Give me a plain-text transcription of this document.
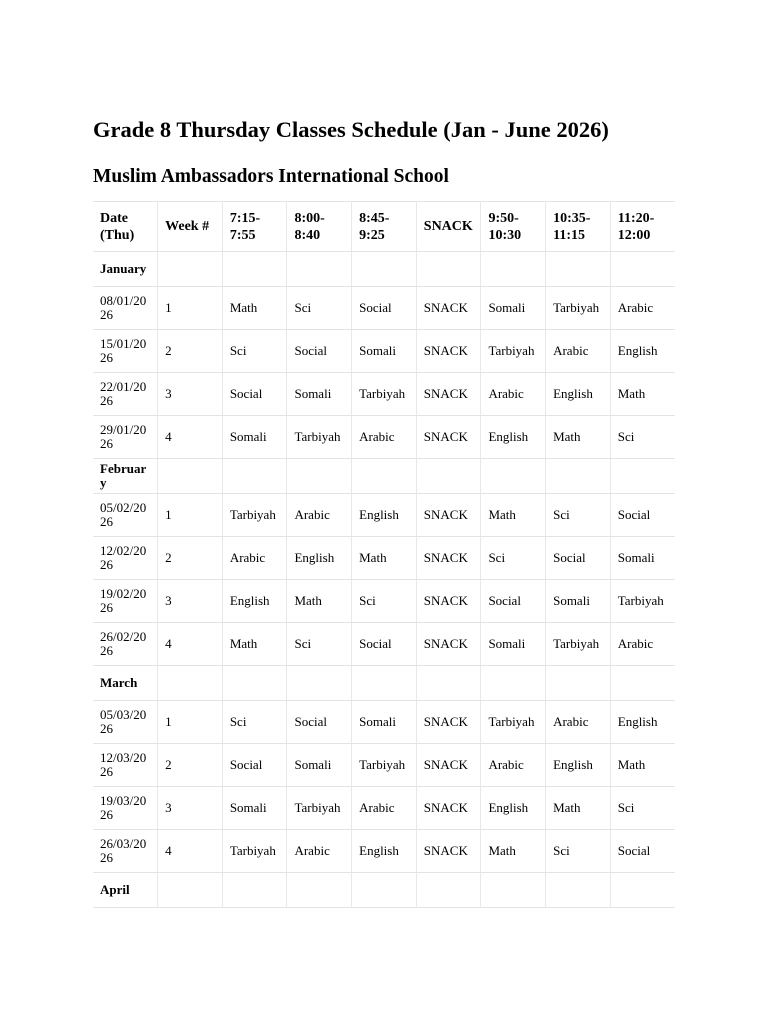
Grade 8 Thursday Classes Schedule (Jan - June 2026)
Muslim Ambassadors International School
Date (Thu)	Week #	7:15-7:55	8:00-8:40	8:45-9:25	SNACK	9:50-10:30	10:35-11:15	11:20-12:00
January								
08/01/2026	1	Math	Sci	Social	SNACK	Somali	Tarbiyah	Arabic
15/01/2026	2	Sci	Social	Somali	SNACK	Tarbiyah	Arabic	English
22/01/2026	3	Social	Somali	Tarbiyah	SNACK	Arabic	English	Math
29/01/2026	4	Somali	Tarbiyah	Arabic	SNACK	English	Math	Sci
February								
05/02/2026	1	Tarbiyah	Arabic	English	SNACK	Math	Sci	Social
12/02/2026	2	Arabic	English	Math	SNACK	Sci	Social	Somali
19/02/2026	3	English	Math	Sci	SNACK	Social	Somali	Tarbiyah
26/02/2026	4	Math	Sci	Social	SNACK	Somali	Tarbiyah	Arabic
March								
05/03/2026	1	Sci	Social	Somali	SNACK	Tarbiyah	Arabic	English
12/03/2026	2	Social	Somali	Tarbiyah	SNACK	Arabic	English	Math
19/03/2026	3	Somali	Tarbiyah	Arabic	SNACK	English	Math	Sci
26/03/2026	4	Tarbiyah	Arabic	English	SNACK	Math	Sci	Social
April								
